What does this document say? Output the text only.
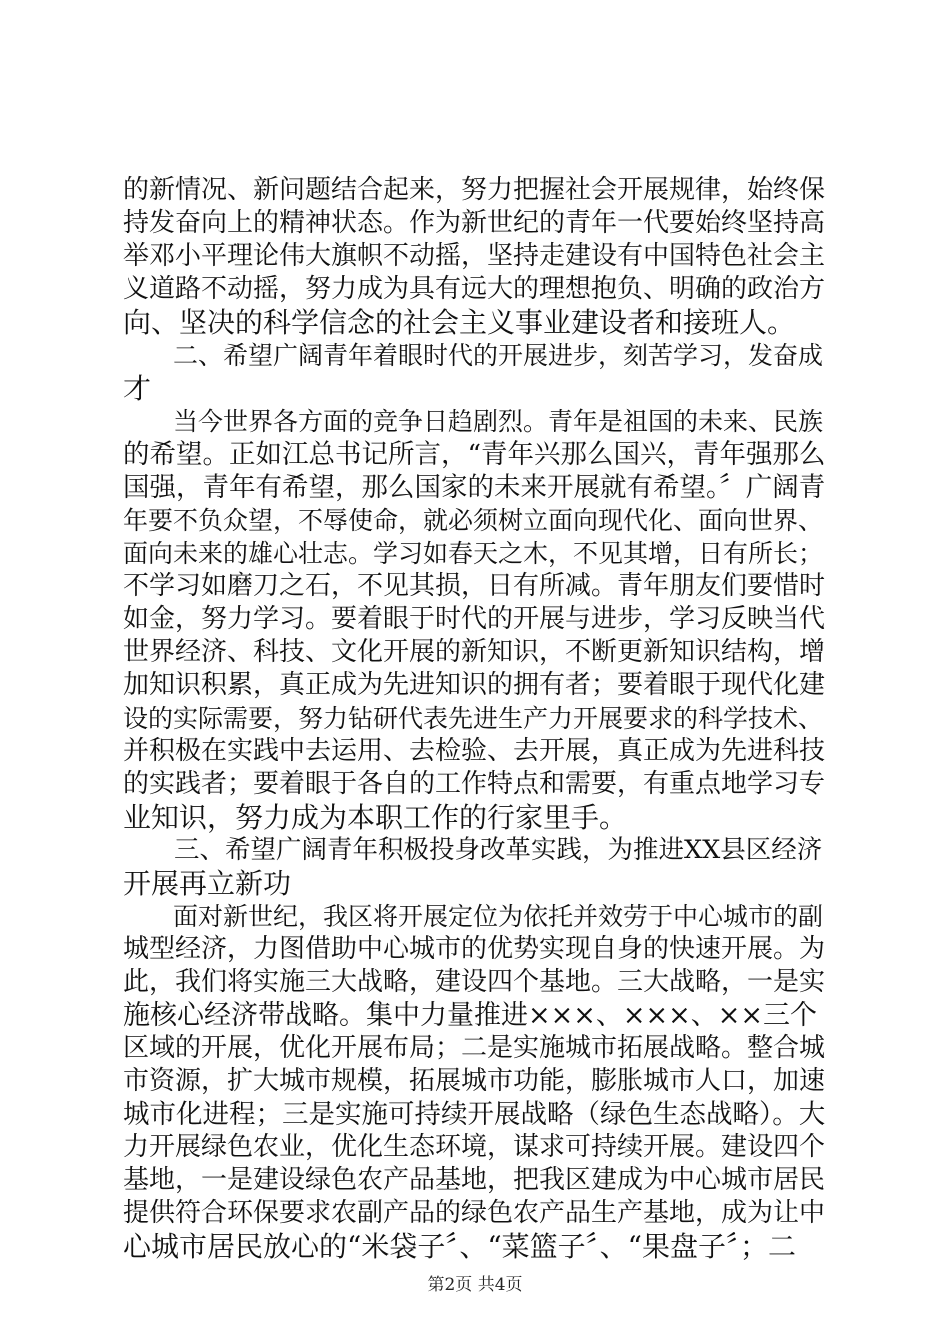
的新情况、新问题结合起来，努力把握社会开展规律，始终保
持发奋向上的精神状态。作为新世纪的青年一代要始终坚持高
举邓小平理论伟大旗帜不动摇，坚持走建设有中国特色社会主
义道路不动摇，努力成为具有远大的理想抱负、明确的政治方
向、坚决的科学信念的社会主义事业建设者和接班人。
　　二、希望广阔青年着眼时代的开展进步，刻苦学习，发奋成
才
　　当今世界各方面的竞争日趋剧烈。青年是祖国的未来、民族
的希望。正如江总书记所言，“青年兴那么国兴，青年强那么
国强，青年有希望，那么国家的未来开展就有希望。〞广阔青
年要不负众望，不辱使命，就必须树立面向现代化、面向世界、
面向未来的雄心壮志。学习如春天之木，不见其增，日有所长；
不学习如磨刀之石，不见其损，日有所减。青年朋友们要惜时
如金，努力学习。要着眼于时代的开展与进步，学习反映当代
世界经济、科技、文化开展的新知识，不断更新知识结构，增
加知识积累，真正成为先进知识的拥有者；要着眼于现代化建
设的实际需要，努力钻研代表先进生产力开展要求的科学技术、
并积极在实践中去运用、去检验、去开展，真正成为先进科技
的实践者；要着眼于各自的工作特点和需要，有重点地学习专
业知识，努力成为本职工作的行家里手。
　　三、希望广阔青年积极投身改革实践，为推进XX县区经济
开展再立新功
　　面对新世纪，我区将开展定位为依托并效劳于中心城市的副
城型经济，力图借助中心城市的优势实现自身的快速开展。为
此，我们将实施三大战略，建设四个基地。三大战略，一是实
施核心经济带战略。集中力量推进×××、×××、××三个
区域的开展，优化开展布局；二是实施城市拓展战略。整合城
市资源，扩大城市规模，拓展城市功能，膨胀城市人口，加速
城市化进程；三是实施可持续开展战略（绿色生态战略）。大
力开展绿色农业，优化生态环境，谋求可持续开展。建设四个
基地，一是建设绿色农产品基地，把我区建成为中心城市居民
提供符合环保要求农副产品的绿色农产品生产基地，成为让中
心城市居民放心的“米袋子〞、“菜篮子〞、“果盘子〞；二
第2页 共4页
